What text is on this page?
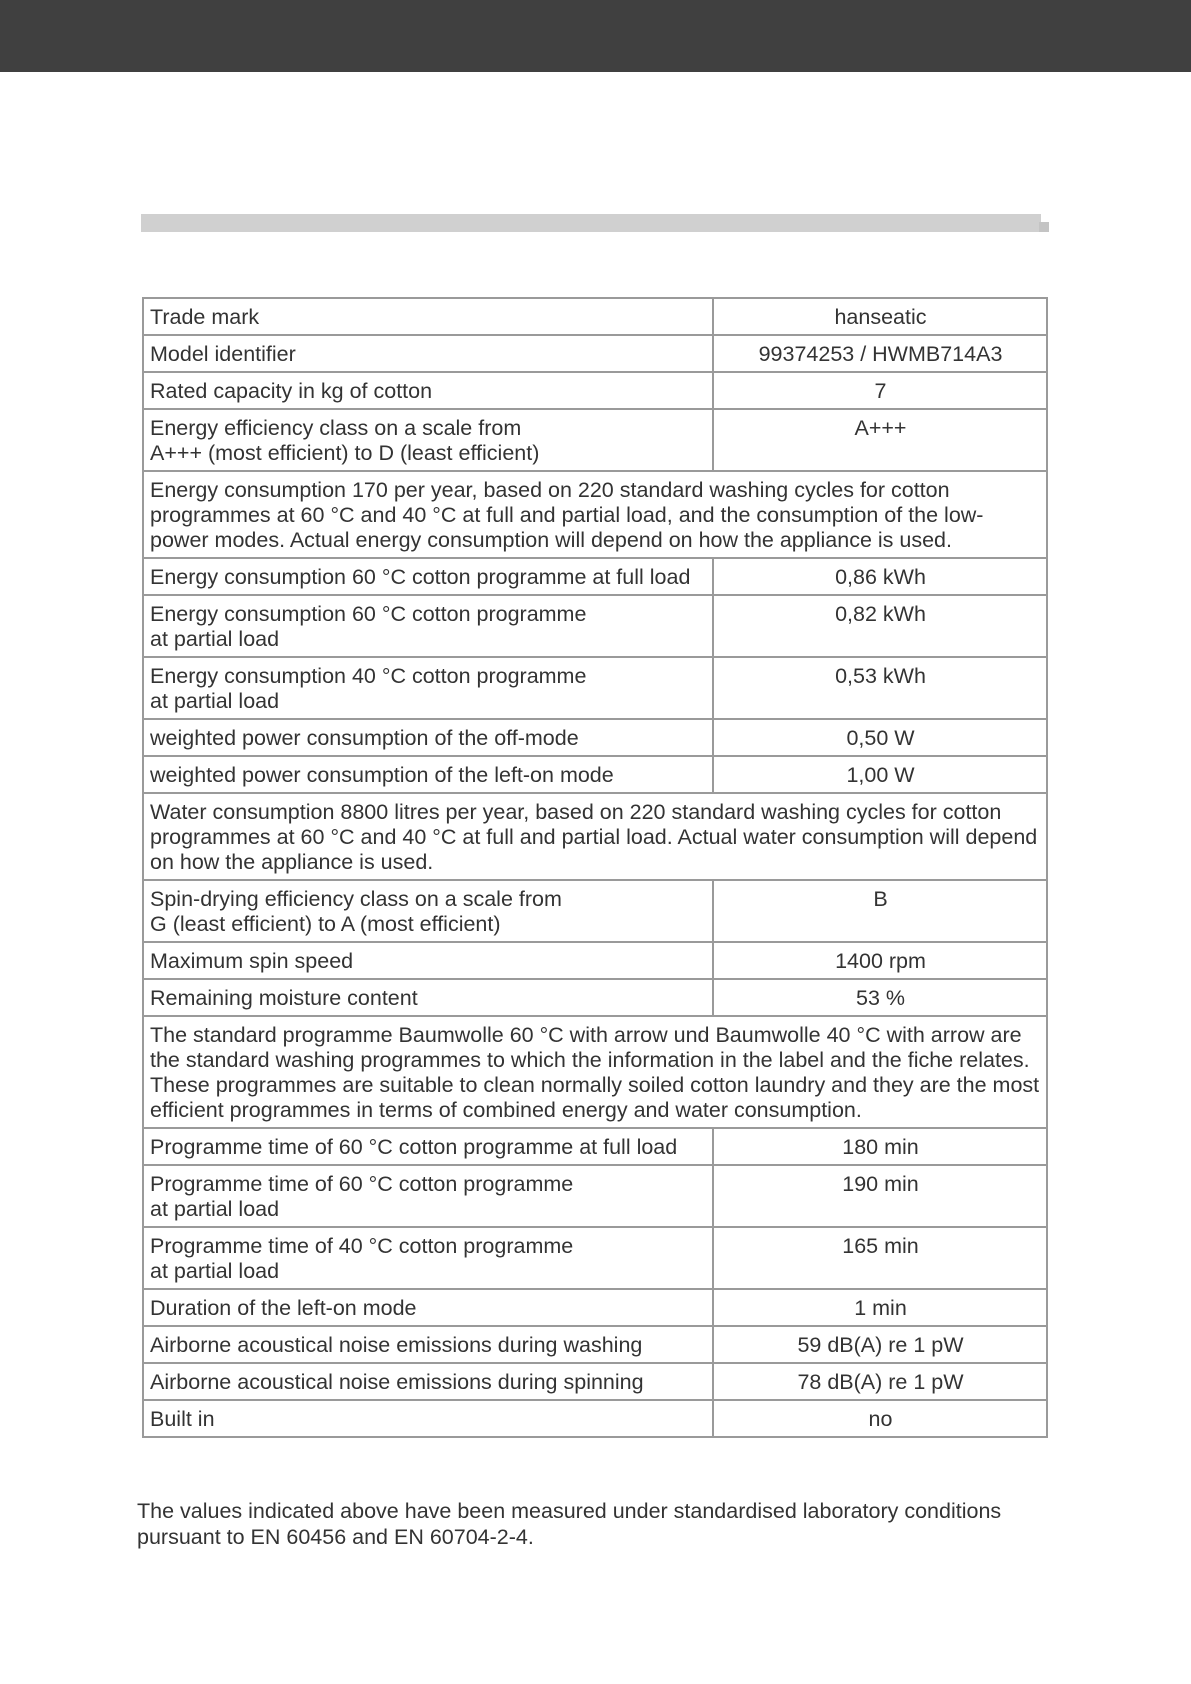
Trade mark	hanseatic
Model identifier	99374253 / HWMB714A3
Rated capacity in kg of cotton	7
Energy efficiency class on a scale from
A+++ (most efficient) to D (least efficient)	A+++
Energy consumption 170 per year, based on 220 standard washing cycles for cotton programmes at 60 °C and 40 °C at full and partial load, and the consumption of the low-power modes. Actual energy consumption will depend on how the appliance is used.	
Energy consumption 60 °C cotton programme at full load	0,86 kWh
Energy consumption 60 °C cotton programme
at partial load	0,82 kWh
Energy consumption 40 °C cotton programme
at partial load	0,53 kWh
weighted power consumption of the off-mode	0,50 W
weighted power consumption of the left-on mode	1,00 W
Water consumption 8800 litres per year, based on 220 standard washing cycles for cotton programmes at 60 °C and 40 °C at full and partial load. Actual water consumption will depend on how the appliance is used.	
Spin-drying efficiency class on a scale from
G (least efficient) to A (most efficient)	B
Maximum spin speed	1400 rpm
Remaining moisture content	53 %
The standard programme Baumwolle 60 °C with arrow und Baumwolle 40 °C with arrow are the standard washing programmes to which the information in the label and the fiche relates. These programmes are suitable to clean normally soiled cotton laundry and they are the most efficient programmes in terms of combined energy and water consumption.	
Programme time of 60 °C cotton programme at full load	180 min
Programme time of 60 °C cotton programme
at partial load	190 min
Programme time of 40 °C cotton programme
at partial load	165 min
Duration of the left-on mode	1 min
Airborne acoustical noise emissions during washing	59 dB(A) re 1 pW
Airborne acoustical noise emissions during spinning	78 dB(A) re 1 pW
Built in	no
The values indicated above have been measured under standardised laboratory conditions pursuant to EN 60456 and EN 60704-2-4.
